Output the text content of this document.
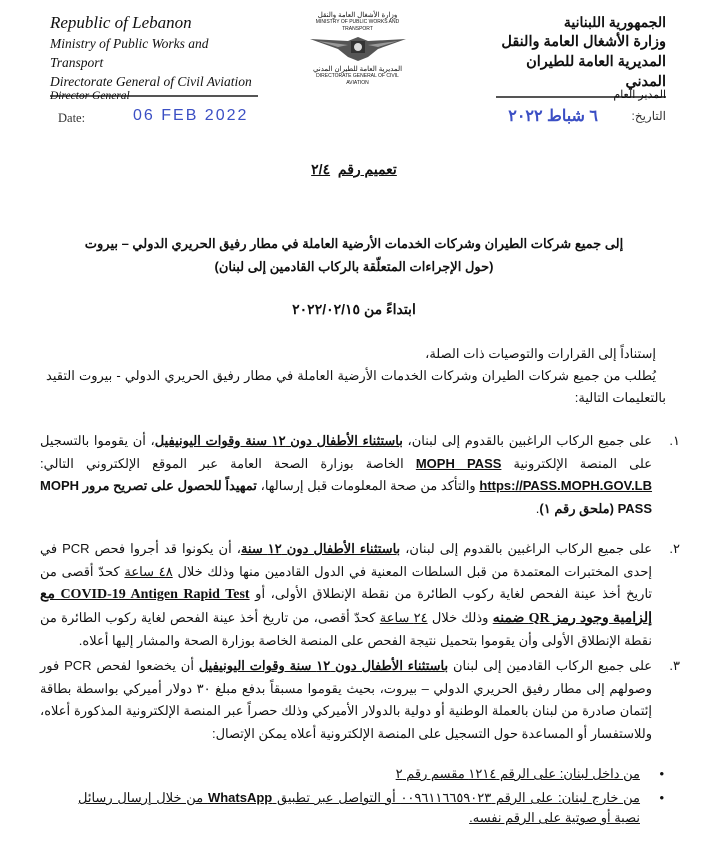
Republic of Lebanon
Ministry of Public Works and Transport
Directorate General of Civil Aviation
وزارة الأشغال العامة والنقل
MINISTRY OF PUBLIC WORKS AND TRANSPORT
المديرية العامة للطيران المدني
DIRECTORATE GENERAL OF CIVIL AVIATION
الجمهورية اللبنانية
وزارة الأشغال العامة والنقل
المديرية العامة للطيران المدني
Director General
Date:	06 FEB 2022
المدير العام
التاريخ:
٦ شباط ٢٠٢٢
تعميم رقم  ٢/٤
إلى جميع شركات الطيران وشركات الخدمات الأرضية العاملة في مطار رفيق الحريري الدولي – بيروت
(حول الإجراءات المتعلّقة بالركاب القادمين إلى لبنان)
ابتداءً من ٢٠٢٢/٠٢/١٥
إستناداً إلى القرارات والتوصيات ذات الصلة،
يُطلب من جميع شركات الطيران وشركات الخدمات الأرضية العاملة في مطار رفيق الحريري الدولي - بيروت التقيد بالتعليمات التالية:
١.
على جميع الركاب الراغبين بالقدوم إلى لبنان، باستثناء الأطفال دون ١٢ سنة وقوات اليونيفيل، أن يقوموا بالتسجيل على المنصة الإلكترونية MOPH PASS الخاصة بوزارة الصحة العامة عبر الموقع الإلكتروني التالي: https://PASS.MOPH.GOV.LB والتأكد من صحة المعلومات قبل إرسالها، تمهيداً للحصول على تصريح مرور MOPH PASS (ملحق رقم ١).
٢.
على جميع الركاب الراغبين بالقدوم إلى لبنان، باستثناء الأطفال دون ١٢ سنة، أن يكونوا قد أجروا فحص PCR في إحدى المختبرات المعتمدة من قبل السلطات المعنية في الدول القادمين منها وذلك خلال ٤٨ ساعة كحدّ أقصى من تاريخ أخذ عينة الفحص لغاية ركوب الطائرة من نقطة الإنطلاق الأولى، أو COVID-19 Antigen Rapid Test مع إلزامية وجود رمز QR ضمنه وذلك خلال ٢٤ ساعة كحدّ أقصى، من تاريخ أخذ عينة الفحص لغاية ركوب الطائرة من نقطة الإنطلاق الأولى وأن يقوموا بتحميل نتيجة الفحص على المنصة الخاصة بوزارة الصحة والمشار إليها أعلاه.
٣.
على جميع الركاب القادمين إلى لبنان باستثناء الأطفال دون ١٢ سنة وقوات اليونيفيل أن يخضعوا لفحص PCR فور وصولهم إلى مطار رفيق الحريري الدولي – بيروت، بحيث يقوموا مسبقاً بدفع مبلغ ٣٠ دولار أميركي بواسطة بطاقة إئتمان صادرة من لبنان بالعملة الوطنية أو دولية بالدولار الأميركي وذلك حصراً عبر المنصة الإلكترونية المذكورة أعلاه، وللاستفسار أو المساعدة حول التسجيل على المنصة الإلكترونية أعلاه يمكن الإتصال:
•
من داخل لبنان: على الرقم ١٢١٤ مقسم رقم ٢
•
من خارج لبنان: على الرقم ٠٠٩٦١١٦٦٥٩٠٢٣ أو التواصل عبر تطبيق WhatsApp من خلال إرسال رسائل نصية أو صوتية على الرقم نفسه.
